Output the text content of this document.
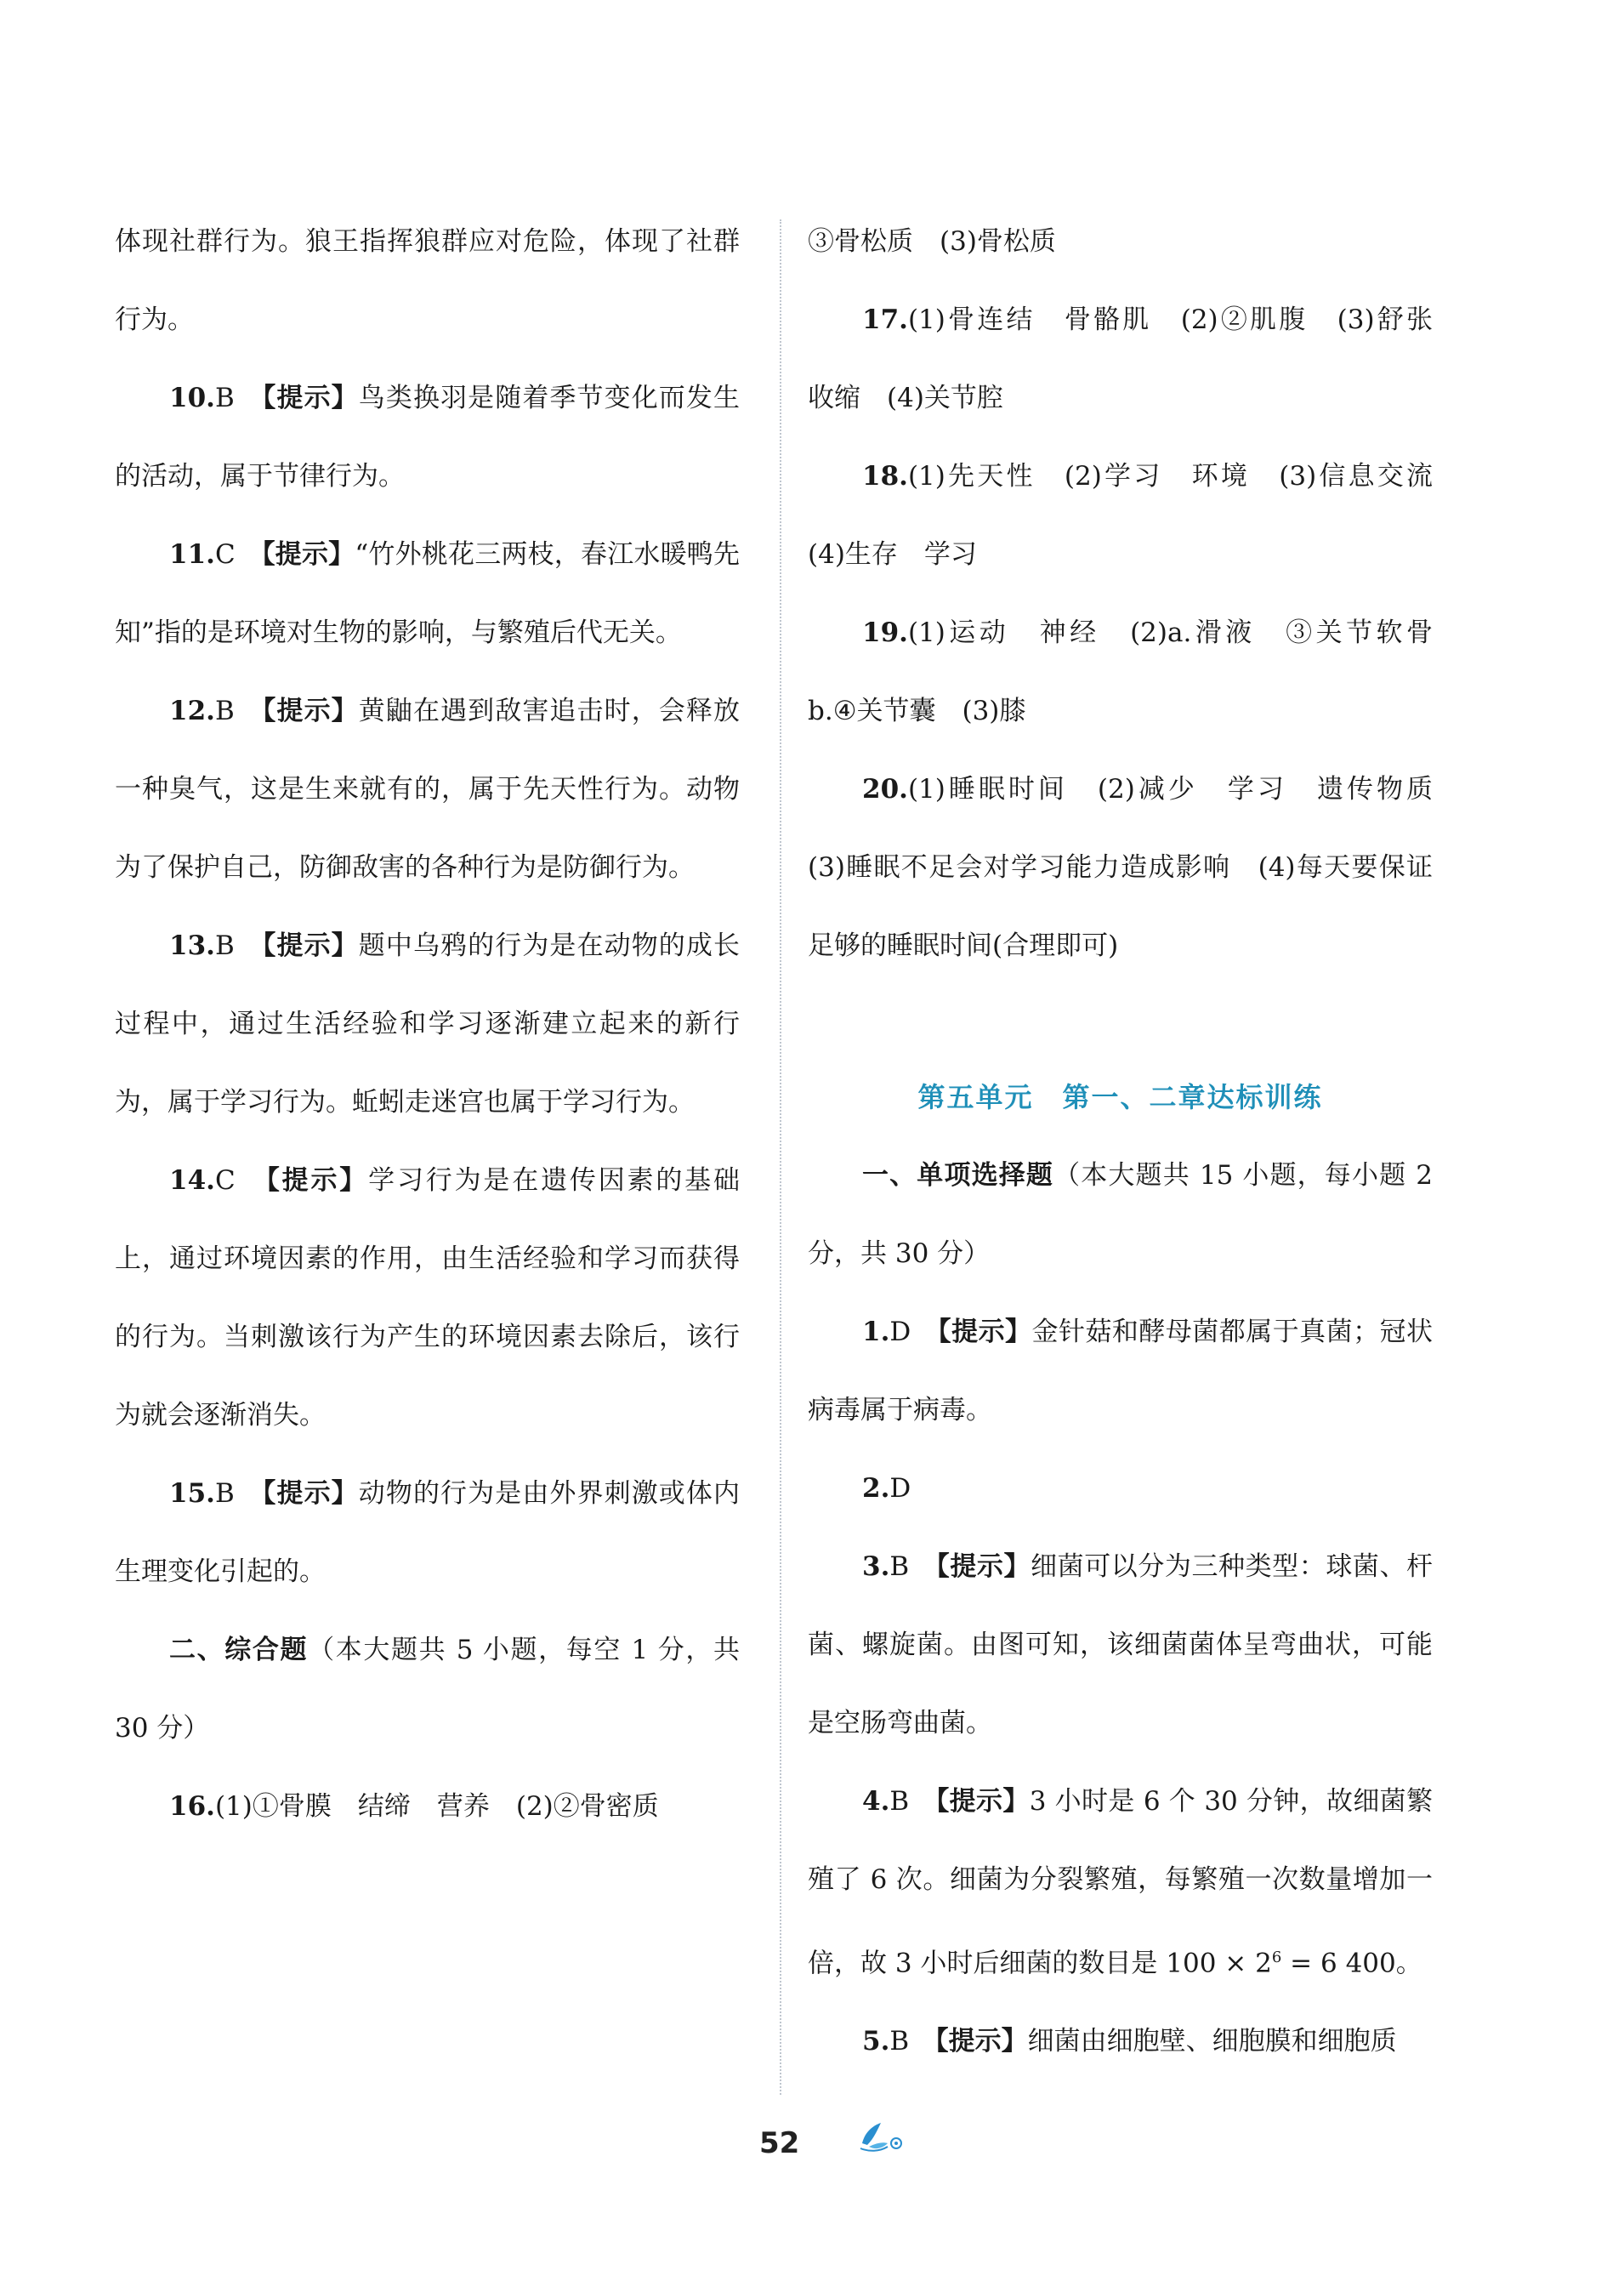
体现社群行为。狼王指挥狼群应对危险，体现了社群行为。

10.B　 【提示】鸟类换羽是随着季节变化而发生的活动，属于节律行为。

11.C　 【提示】“竹外桃花三两枝，春江水暖鸭先知”指的是环境对生物的影响，与繁殖后代无关。

12.B　 【提示】黄鼬在遇到敌害追击时，会释放一种臭气，这是生来就有的，属于先天性行为。动物为了保护自己，防御敌害的各种行为是防御行为。

13.B　 【提示】题中乌鸦的行为是在动物的成长过程中，通过生活经验和学习逐渐建立起来的新行为，属于学习行为。蚯蚓走迷宫也属于学习行为。

14.C　 【提示】学习行为是在遗传因素的基础上，通过环境因素的作用，由生活经验和学习而获得的行为。当刺激该行为产生的环境因素去除后，该行为就会逐渐消失。

15.B　 【提示】动物的行为是由外界刺激或体内生理变化引起的。

二、综合题（本大题共 5 小题，每空 1 分，共 30 分）

16.(1)①骨膜　结缔　营养　(2)②骨密质

③骨松质　(3)骨松质

17.(1)骨连结　骨骼肌　(2)②肌腹　(3)舒张　收缩　(4)关节腔

18.(1)先天性　(2)学习　环境　(3)信息交流　(4)生存　学习

19.(1)运动　神经　(2)a.滑液　③关节软骨　b.④关节囊　(3)膝

20.(1)睡眠时间　(2)减少　学习　遗传物质　(3)睡眠不足会对学习能力造成影响　(4)每天要保证足够的睡眠时间(合理即可)

第五单元　第一、二章达标训练

一、单项选择题（本大题共 15 小题，每小题 2 分，共 30 分）

1.D　 【提示】金针菇和酵母菌都属于真菌；冠状病毒属于病毒。

2.D

3.B　 【提示】细菌可以分为三种类型：球菌、杆菌、螺旋菌。由图可知，该细菌菌体呈弯曲状，可能是空肠弯曲菌。

4.B　 【提示】3 小时是 6 个 30 分钟，故细菌繁殖了 6 次。细菌为分裂繁殖，每繁殖一次数量增加一倍，故 3 小时后细菌的数目是 $100 \times 2^6 = 6$ 400。

5.B　 【提示】细菌由细胞壁、细胞膜和细胞质

52
